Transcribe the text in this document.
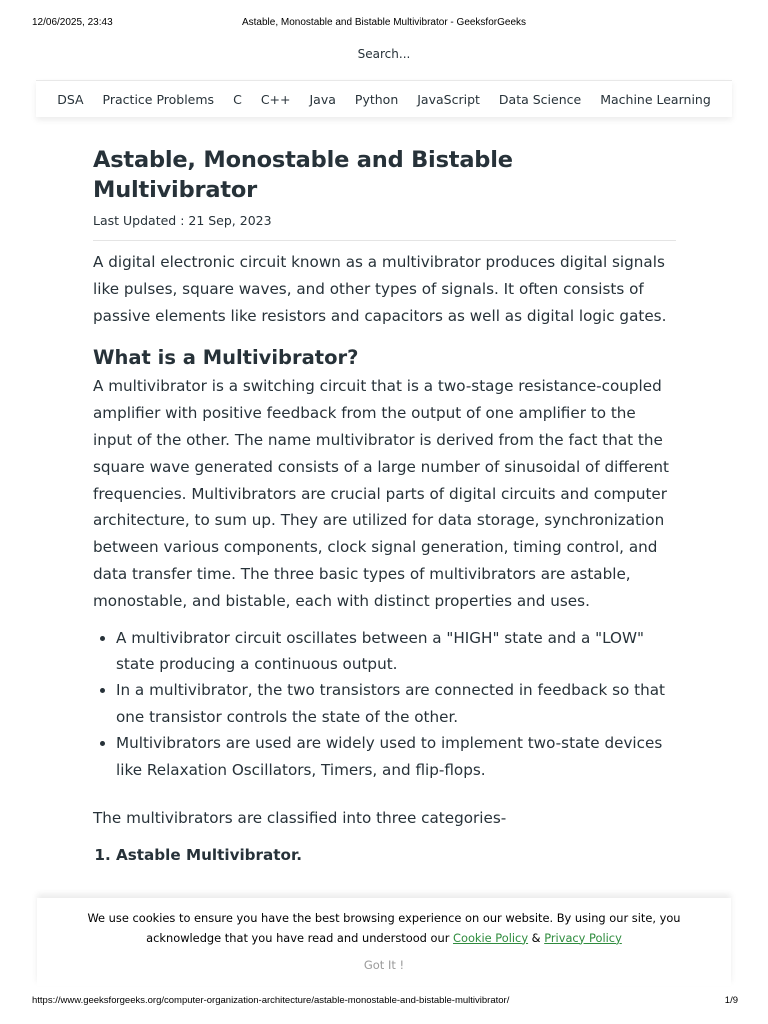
12/06/2025, 23:43	Astable, Monostable and Bistable Multivibrator - GeeksforGeeks
Search...
DSA Practice Problems C C++ Java Python JavaScript Data Science Machine Learning
Astable, Monostable and Bistable Multivibrator
Last Updated : 21 Sep, 2023

A digital electronic circuit known as a multivibrator produces digital signals like pulses, square waves, and other types of signals. It often consists of passive elements like resistors and capacitors as well as digital logic gates.

What is a Multivibrator?

A multivibrator is a switching circuit that is a two-stage resistance-coupled amplifier with positive feedback from the output of one amplifier to the input of the other. The name multivibrator is derived from the fact that the square wave generated consists of a large number of sinusoidal of different frequencies. Multivibrators are crucial parts of digital circuits and computer architecture, to sum up. They are utilized for data storage, synchronization between various components, clock signal generation, timing control, and data transfer time. The three basic types of multivibrators are astable, monostable, and bistable, each with distinct properties and uses.

• A multivibrator circuit oscillates between a "HIGH" state and a "LOW" state producing a continuous output.
• In a multivibrator, the two transistors are connected in feedback so that one transistor controls the state of the other.
• Multivibrators are used are widely used to implement two-state devices like Relaxation Oscillators, Timers, and flip-flops.

The multivibrators are classified into three categories-

1. Astable Multivibrator.
We use cookies to ensure you have the best browsing experience on our website. By using our site, you acknowledge that you have read and understood our Cookie Policy & Privacy Policy
Got It !
https://www.geeksforgeeks.org/computer-organization-architecture/astable-monostable-and-bistable-multivibrator/	1/9
